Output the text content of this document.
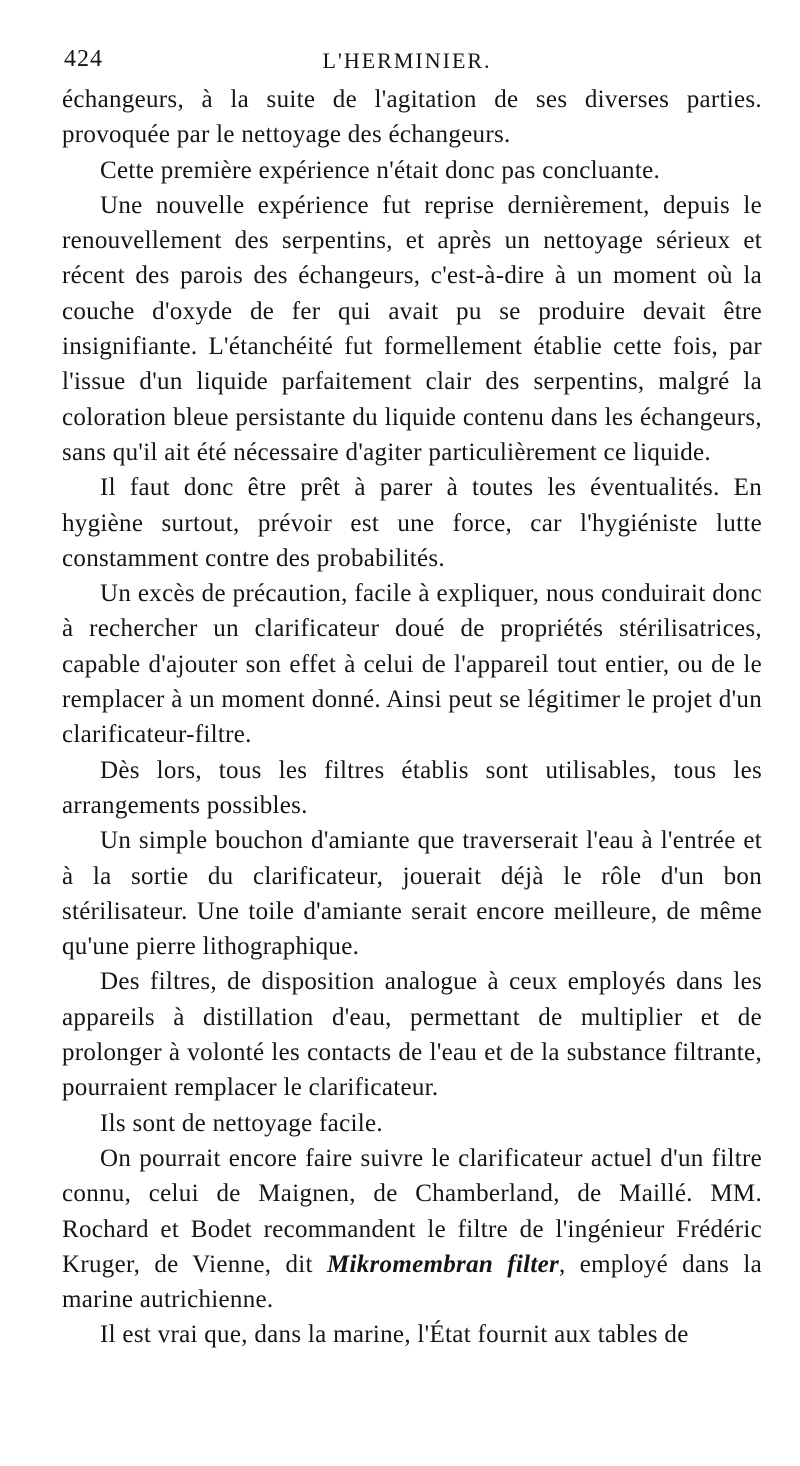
424	L'HERMINIER.

échangeurs, à la suite de l'agitation de ses diverses parties. provoquée par le nettoyage des échangeurs.

Cette première expérience n'était donc pas concluante.

Une nouvelle expérience fut reprise dernièrement, depuis le renouvellement des serpentins, et après un nettoyage sérieux et récent des parois des échangeurs, c'est-à-dire à un moment où la couche d'oxyde de fer qui avait pu se produire devait être insignifiante. L'étanchéité fut formellement établie cette fois, par l'issue d'un liquide parfaitement clair des serpentins, malgré la coloration bleue persistante du liquide contenu dans les échangeurs, sans qu'il ait été nécessaire d'agiter particulièrement ce liquide.

Il faut donc être prêt à parer à toutes les éventualités. En hygiène surtout, prévoir est une force, car l'hygiéniste lutte constamment contre des probabilités.

Un excès de précaution, facile à expliquer, nous conduirait donc à rechercher un clarificateur doué de propriétés stérilisatrices, capable d'ajouter son effet à celui de l'appareil tout entier, ou de le remplacer à un moment donné. Ainsi peut se légitimer le projet d'un clarificateur-filtre.

Dès lors, tous les filtres établis sont utilisables, tous les arrangements possibles.

Un simple bouchon d'amiante que traverserait l'eau à l'entrée et à la sortie du clarificateur, jouerait déjà le rôle d'un bon stérilisateur. Une toile d'amiante serait encore meilleure, de même qu'une pierre lithographique.

Des filtres, de disposition analogue à ceux employés dans les appareils à distillation d'eau, permettant de multiplier et de prolonger à volonté les contacts de l'eau et de la substance filtrante, pourraient remplacer le clarificateur.

Ils sont de nettoyage facile.

On pourrait encore faire suivre le clarificateur actuel d'un filtre connu, celui de Maignen, de Chamberland, de Maillé. MM. Rochard et Bodet recommandent le filtre de l'ingénieur Frédéric Kruger, de Vienne, dit Mikromembran filter, employé dans la marine autrichienne.

Il est vrai que, dans la marine, l'État fournit aux tables de
